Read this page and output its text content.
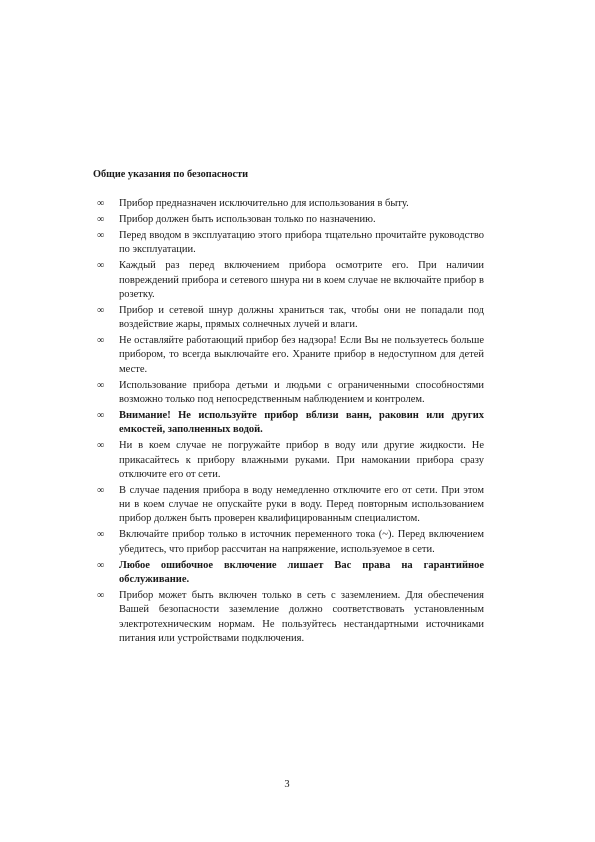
Общие указания по безопасности
∞	Прибор предназначен исключительно для использования в быту.
∞	Прибор должен быть использован только по назначению.
∞	Перед вводом в эксплуатацию этого прибора тщательно прочитайте руководство по эксплуатации.
∞	Каждый раз перед включением прибора осмотрите его. При наличии повреждений прибора и сетевого шнура ни в коем случае не включайте прибор в розетку.
∞	Прибор и сетевой шнур должны храниться так, чтобы они не попадали под воздействие жары, прямых солнечных лучей и влаги.
∞	Не оставляйте работающий прибор без надзора! Если Вы не пользуетесь больше прибором, то всегда выключайте его. Храните прибор в недоступном для детей месте.
∞	Использование прибора детьми и людьми с ограниченными способностями возможно только под непосредственным наблюдением и контролем.
∞	Внимание! Не используйте прибор вблизи ванн, раковин или других емкостей, заполненных водой.
∞	Ни в коем случае не погружайте прибор в воду или другие жидкости. Не прикасайтесь к прибору влажными руками. При намокании прибора сразу отключите его от сети.
∞	В случае падения прибора в воду немедленно отключите его от сети. При этом ни в коем случае не опускайте руки в воду. Перед повторным использованием прибор должен быть проверен квалифицированным специалистом.
∞	Включайте прибор только в источник переменного тока (~). Перед включением убедитесь, что прибор рассчитан на напряжение, используемое в сети.
∞	Любое ошибочное включение лишает Вас права на гарантийное обслуживание.
∞	Прибор может быть включен только в сеть с заземлением. Для обеспечения Вашей безопасности заземление должно соответствовать установленным электротехническим нормам. Не пользуйтесь нестандартными источниками питания или устройствами подключения.
3
